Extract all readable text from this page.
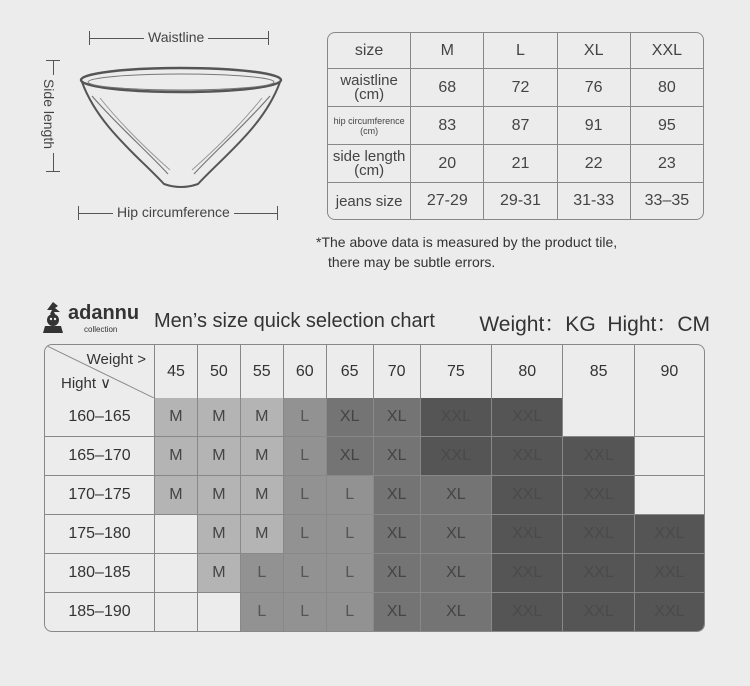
Waistline
Side length
Hip circumference
size	M	L	XL	XXL
waistline
(cm)	68	72	76	80
hip circumference
(cm)	83	87	91	95
side length
(cm)	20	21	22	23
jeans size	27-29	29-31	31-33	33–35
*The above data is measured by the product tile,
there may be subtle errors.
adannu
collection Men’s size quick selection chart Weight：KG  Hight：CM
Weight >
Hight ∨	45	50	55	60	65	70	75	80	85	90
160–165	M	M	M	L	XL	XL	XXL	XXL		
165–170	M	M	M	L	XL	XL	XXL	XXL	XXL	
170–175	M	M	M	L	L	XL	XL	XXL	XXL	
175–180		M	M	L	L	XL	XL	XXL	XXL	XXL
180–185		M	L	L	L	XL	XL	XXL	XXL	XXL
185–190			L	L	L	XL	XL	XXL	XXL	XXL
